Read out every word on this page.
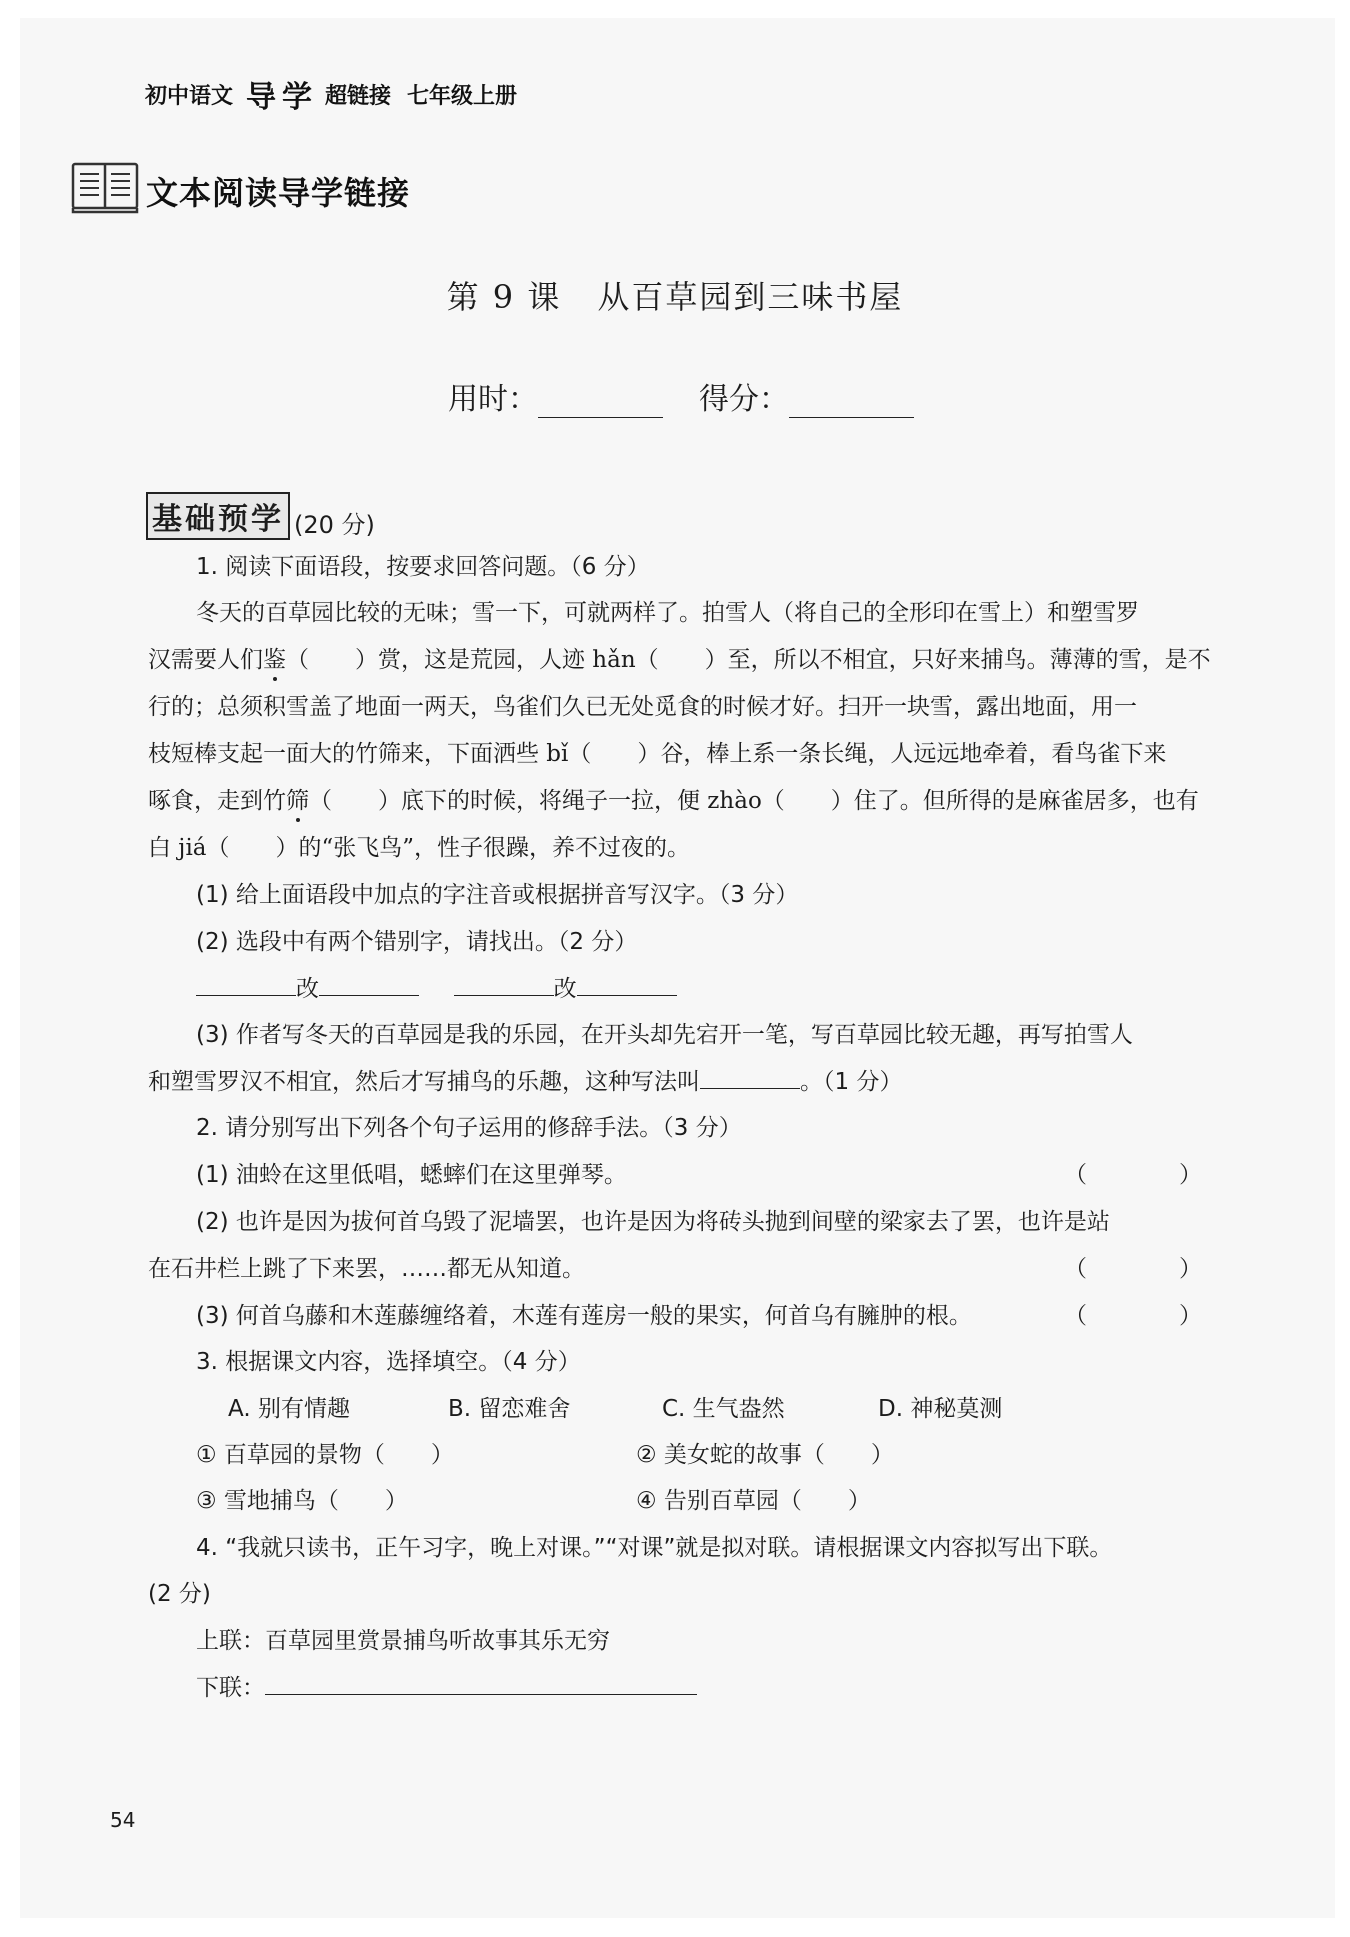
初中语文 导 学 超链接 七年级上册
文本阅读导学链接
第 9 课 从百草园到三味书屋
用时：	得分：
基础预学 (20 分)
1. 阅读下面语段，按要求回答问题。（6 分）
冬天的百草园比较的无味；雪一下，可就两样了。拍雪人（将自己的全形印在雪上）和塑雪罗
汉需要人们鉴（　　）赏，这是荒园，人迹 hǎn（　　）至，所以不相宜，只好来捕鸟。薄薄的雪，是不
行的；总须积雪盖了地面一两天，鸟雀们久已无处觅食的时候才好。扫开一块雪，露出地面，用一
枝短棒支起一面大的竹筛来，下面洒些 bǐ（　　）谷，棒上系一条长绳，人远远地牵着，看鸟雀下来
啄食，走到竹筛（　　）底下的时候，将绳子一拉，便 zhào（　　）住了。但所得的是麻雀居多，也有
白 jiá（　　）的“张飞鸟”，性子很躁，养不过夜的。
(1) 给上面语段中加点的字注音或根据拼音写汉字。（3 分）
(2) 选段中有两个错别字，请找出。（2 分）
改	改
(3) 作者写冬天的百草园是我的乐园，在开头却先宕开一笔，写百草园比较无趣，再写拍雪人
和塑雪罗汉不相宜，然后才写捕鸟的乐趣，这种写法叫	。（1 分）
2. 请分别写出下列各个句子运用的修辞手法。（3 分）
(1) 油蛉在这里低唱，蟋蟀们在这里弹琴。	（　　　　）
(2) 也许是因为拔何首乌毁了泥墙罢，也许是因为将砖头抛到间壁的梁家去了罢，也许是站
在石井栏上跳了下来罢，……都无从知道。	（　　　　）
(3) 何首乌藤和木莲藤缠络着，木莲有莲房一般的果实，何首乌有臃肿的根。	（　　　　）
3. 根据课文内容，选择填空。（4 分）
A. 别有情趣	B. 留恋难舍	C. 生气盎然	D. 神秘莫测
① 百草园的景物（　　）	② 美女蛇的故事（　　）
③ 雪地捕鸟（　　）	④ 告别百草园（　　）
4. “我就只读书，正午习字，晚上对课。”“对课”就是拟对联。请根据课文内容拟写出下联。
(2 分)
上联：百草园里赏景捕鸟听故事其乐无穷
下联：
54
